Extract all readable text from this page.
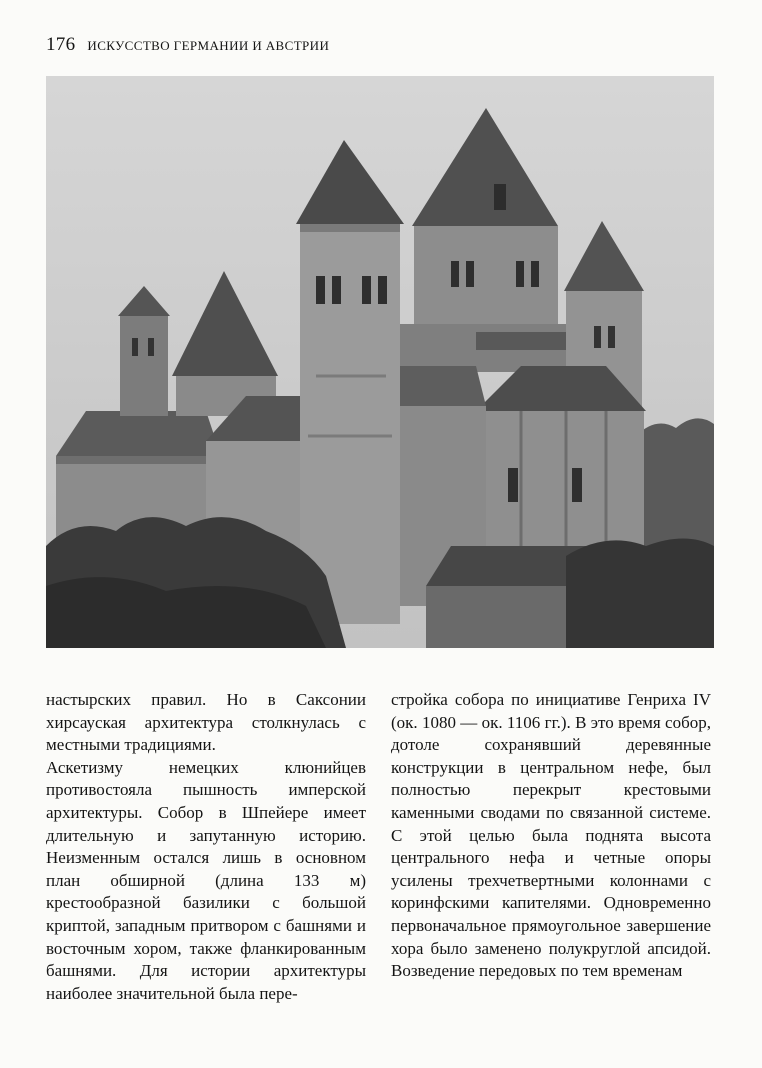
176 ИСКУССТВО ГЕРМАНИИ И АВСТРИИ

настырских правил. Но в Саксонии хирсауская архитектура столкнулась с местными традициями.

Аскетизму немецких клюнийцев противостояла пышность имперской архитектуры. Собор в Шпейере имеет длительную и запутанную историю. Неизменным остался лишь в основном план обширной (длина 133 м) крестообразной базилики с большой криптой, западным притвором с башнями и восточным хором, также фланкированным башнями. Для истории архитектуры наиболее значительной была пере-

стройка собора по инициативе Генриха IV (ок. 1080 — ок. 1106 гг.). В это время собор, дотоле сохранявший деревянные конструкции в центральном нефе, был полностью перекрыт крестовыми каменными сводами по связанной системе. С этой целью была поднята высота центрального нефа и четные опоры усилены трехчетвертными колоннами с коринфскими капителями. Одновременно первоначальное прямоугольное завершение хора было заменено полукруглой апсидой. Возведение передовых по тем временам
